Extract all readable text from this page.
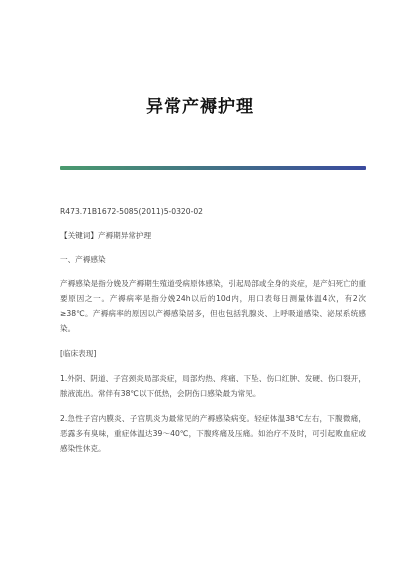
异常产褥护理

R473.71B1672-5085(2011)5-0320-02

【关键词】产褥期异常护理

一、产褥感染

产褥感染是指分娩及产褥期生殖道受病原体感染，引起局部或全身的炎症，是产妇死亡的重要原因之一。产褥病率是指分娩24h以后的10d内，用口表每日测量体温4次，有2次≥38℃。产褥病率的原因以产褥感染居多，但也包括乳腺炎、上呼吸道感染、泌尿系统感染。

[临床表现]

1.外阴、阴道、子宫颈炎局部炎症，局部灼热、疼痛、下坠、伤口红肿、发硬、伤口裂开，脓液流出。常伴有38℃以下低热，会阴伤口感染最为常见。

2.急性子宫内膜炎、子宫肌炎为最常见的产褥感染病变。轻症体温38℃左右，下腹微痛，恶露多有臭味，重症体温达39～40℃，下腹疼痛及压痛。如治疗不及时，可引起败血症或感染性休克。
